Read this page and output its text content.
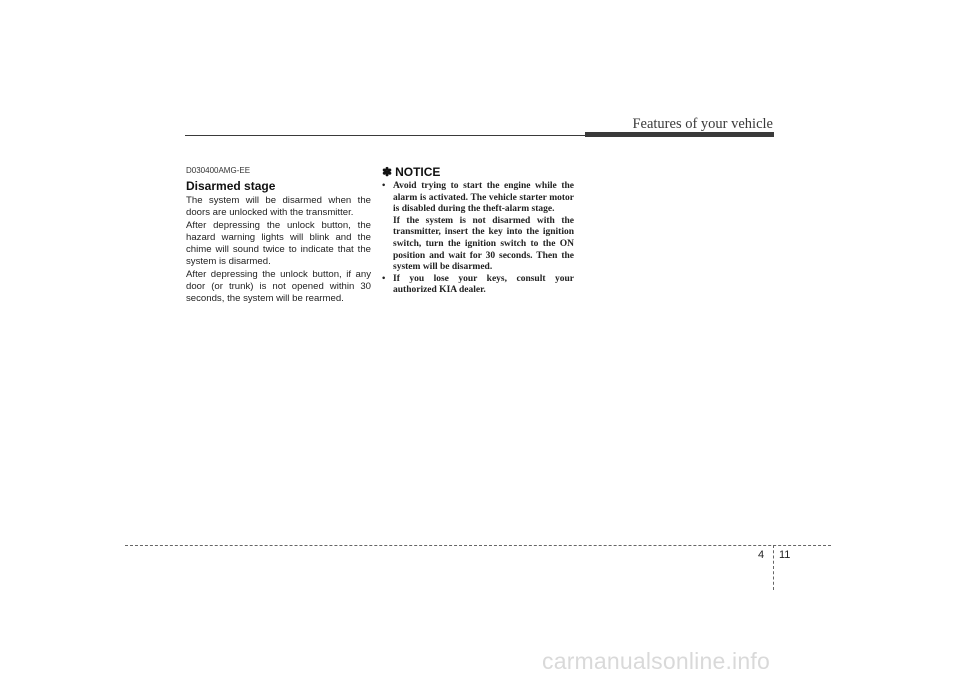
Features of your vehicle
D030400AMG-EE
Disarmed stage

The system will be disarmed when the doors are unlocked with the transmitter.

After depressing the unlock button, the hazard warning lights will blink and the chime will sound twice to indicate that the system is disarmed.

After depressing the unlock button, if any door (or trunk) is not opened within 30 seconds, the system will be rearmed.

✽ NOTICE
• Avoid trying to start the engine while the alarm is activated. The vehicle starter motor is disabled during the theft-alarm stage.
If the system is not disarmed with the transmitter, insert the key into the ignition switch, turn the ignition switch to the ON position and wait for 30 seconds. Then the system will be disarmed.
• If you lose your keys, consult your authorized KIA dealer.
4 11
carmanualsonline.info
